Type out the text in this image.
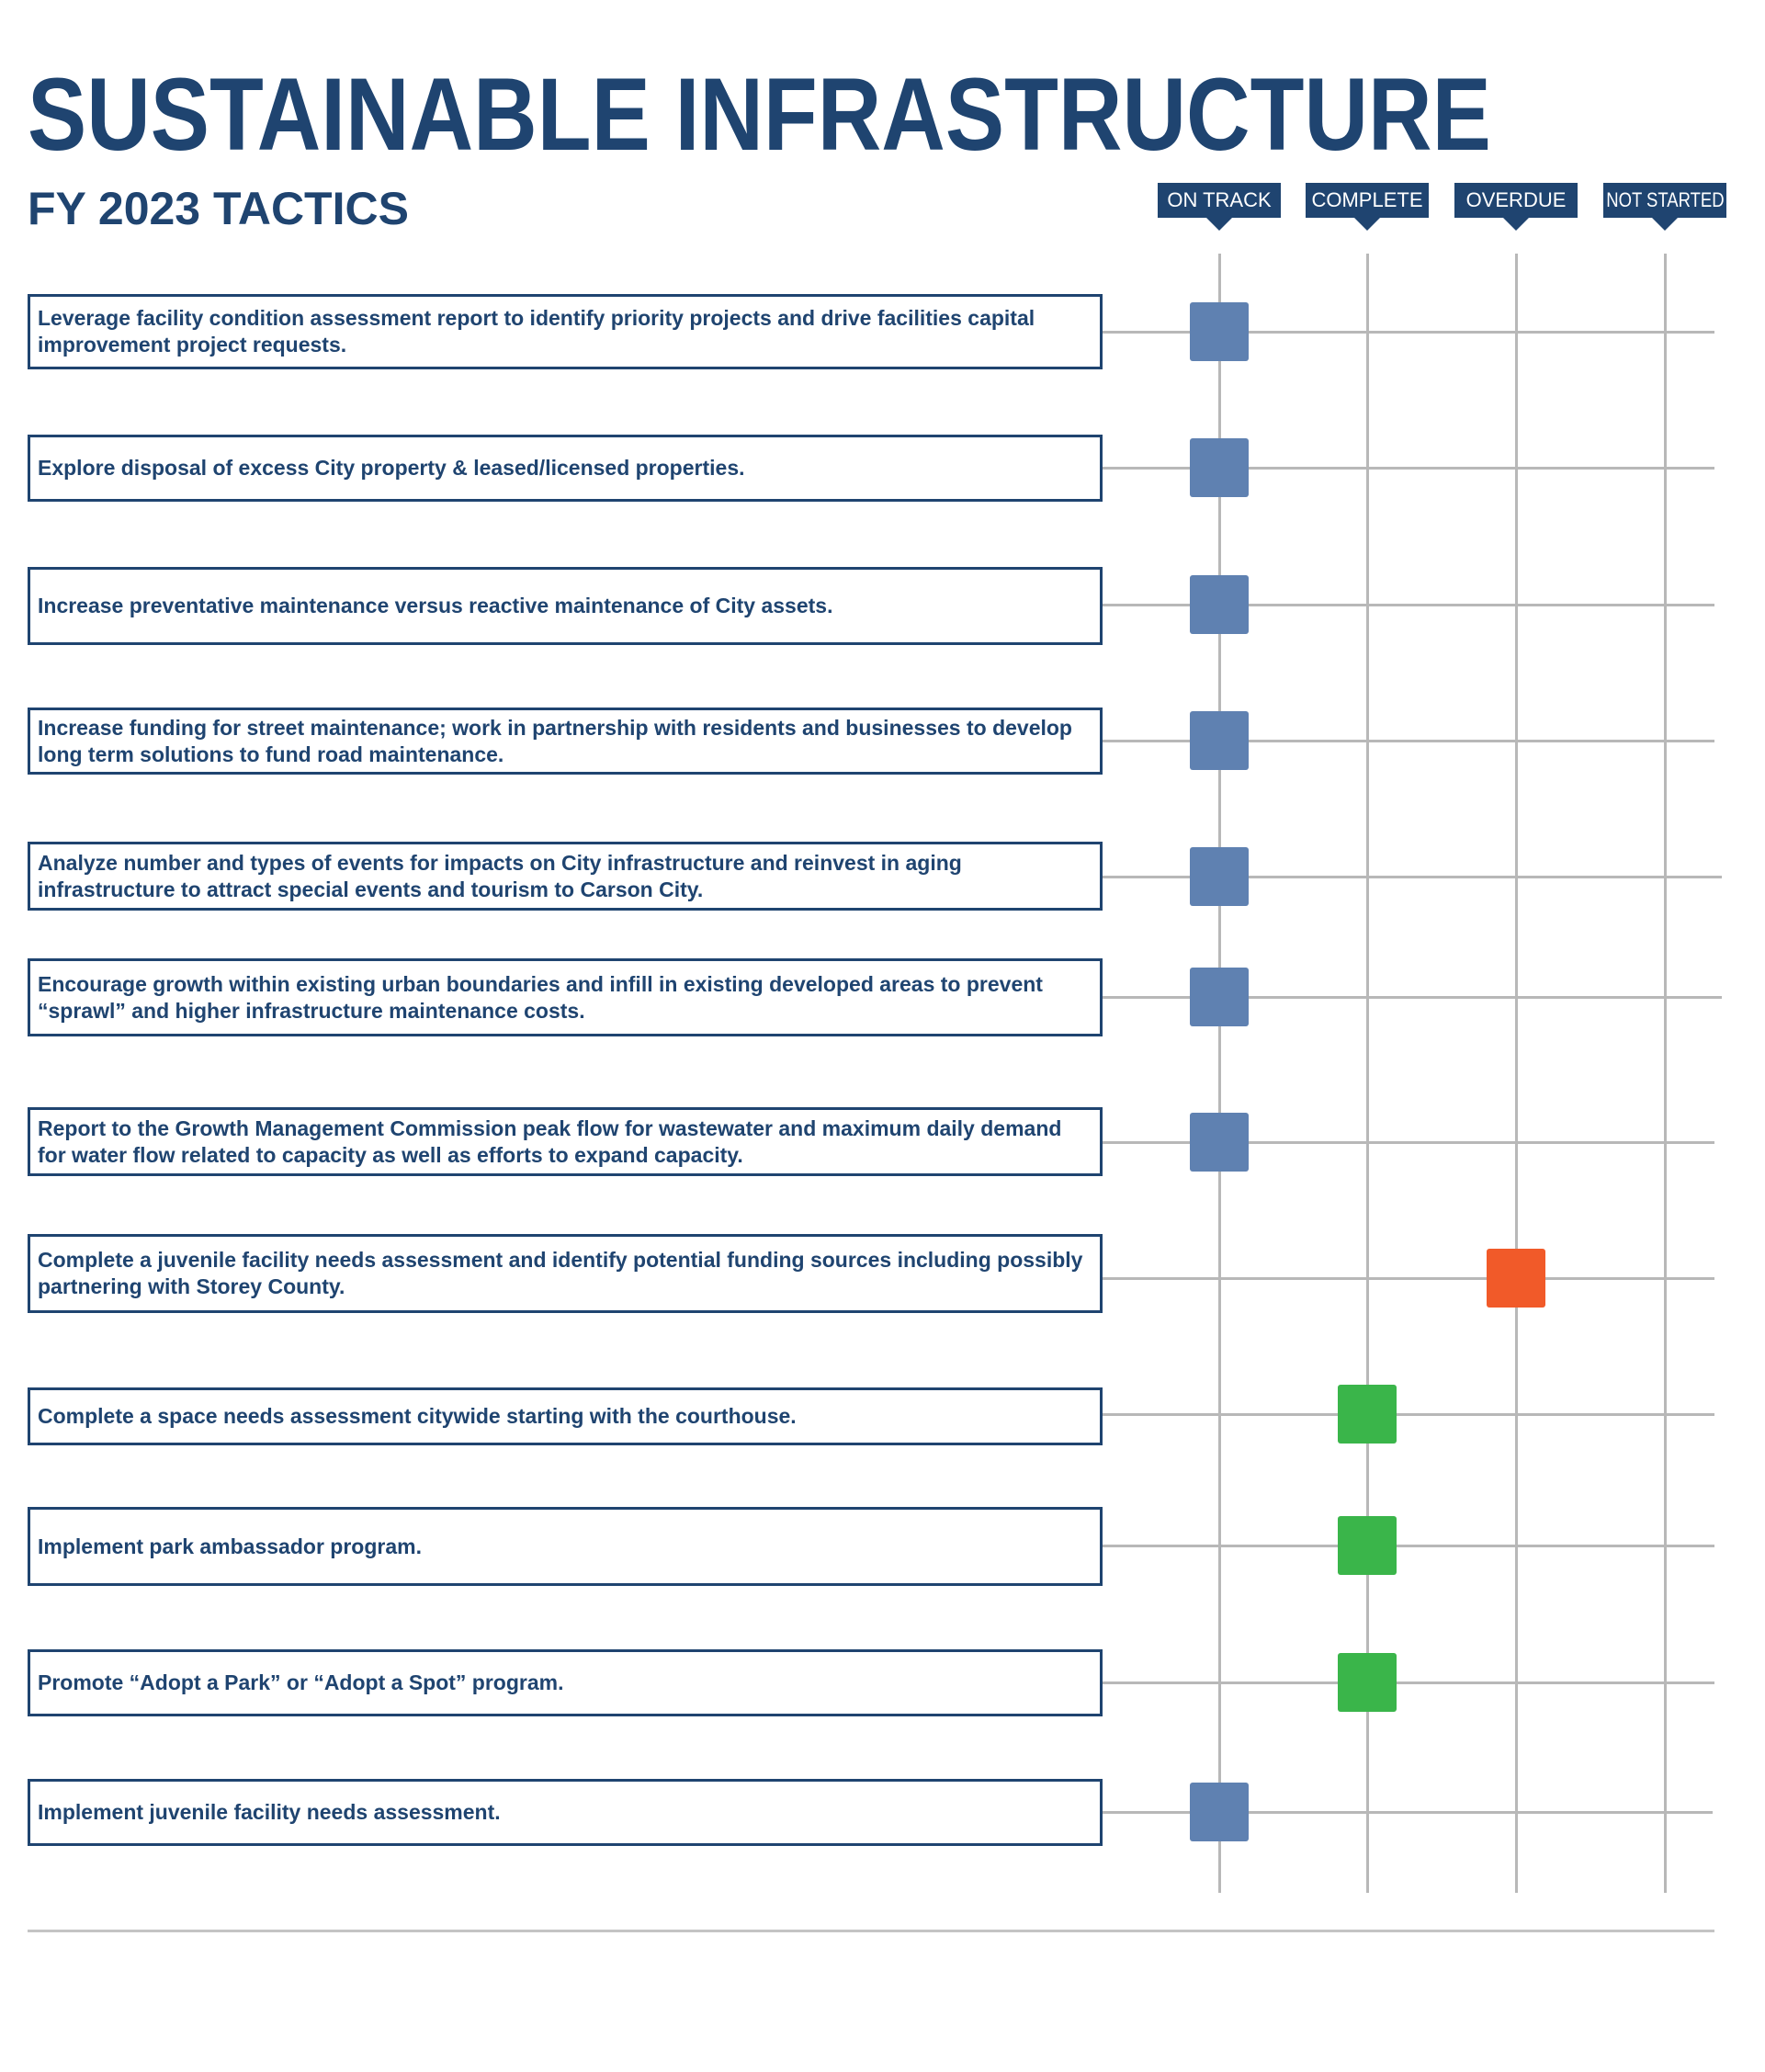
SUSTAINABLE INFRASTRUCTURE
FY 2023 TACTICS	ON TRACK COMPLETE OVERDUE NOT STARTED
Leverage facility condition assessment report to identify priority projects and drive facilities capital improvement project requests.
Explore disposal of excess City property & leased/licensed properties.
Increase preventative maintenance versus reactive maintenance of City assets.
Increase funding for street maintenance; work in partnership with residents and businesses to develop long term solutions to fund road maintenance.
Analyze number and types of events for impacts on City infrastructure and reinvest in aging infrastructure to attract special events and tourism to Carson City.
Encourage growth within existing urban boundaries and infill in existing developed areas to prevent “sprawl” and higher infrastructure maintenance costs.
Report to the Growth Management Commission peak flow for wastewater and maximum daily demand for water flow related to capacity as well as efforts to expand capacity.
Complete a juvenile facility needs assessment and identify potential funding sources including possibly partnering with Storey County.
Complete a space needs assessment citywide starting with the courthouse.
Implement park ambassador program.
Promote “Adopt a Park” or “Adopt a Spot” program.
Implement juvenile facility needs assessment.
